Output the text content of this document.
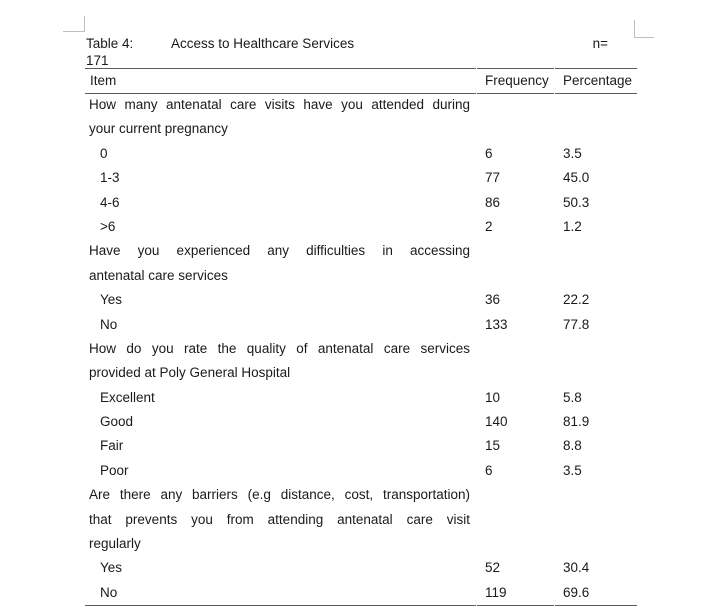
Table 4:	Access to Healthcare Services	n=
171
Item	Frequency Percentage
How many antenatal care visits have you attended during
your current pregnancy
0	6	3.5
1-3	77	45.0
4-6	86	50.3
>6	2	1.2
Have you experienced any difficulties in accessing
antenatal care services
Yes	36	22.2
No	133	77.8
How do you rate the quality of antenatal care services
provided at Poly General Hospital
Excellent	10	5.8
Good	140	81.9
Fair	15	8.8
Poor	6	3.5
Are there any barriers (e.g distance, cost, transportation)
that prevents you from attending antenatal care visit
regularly
Yes	52	30.4
No	119	69.6
